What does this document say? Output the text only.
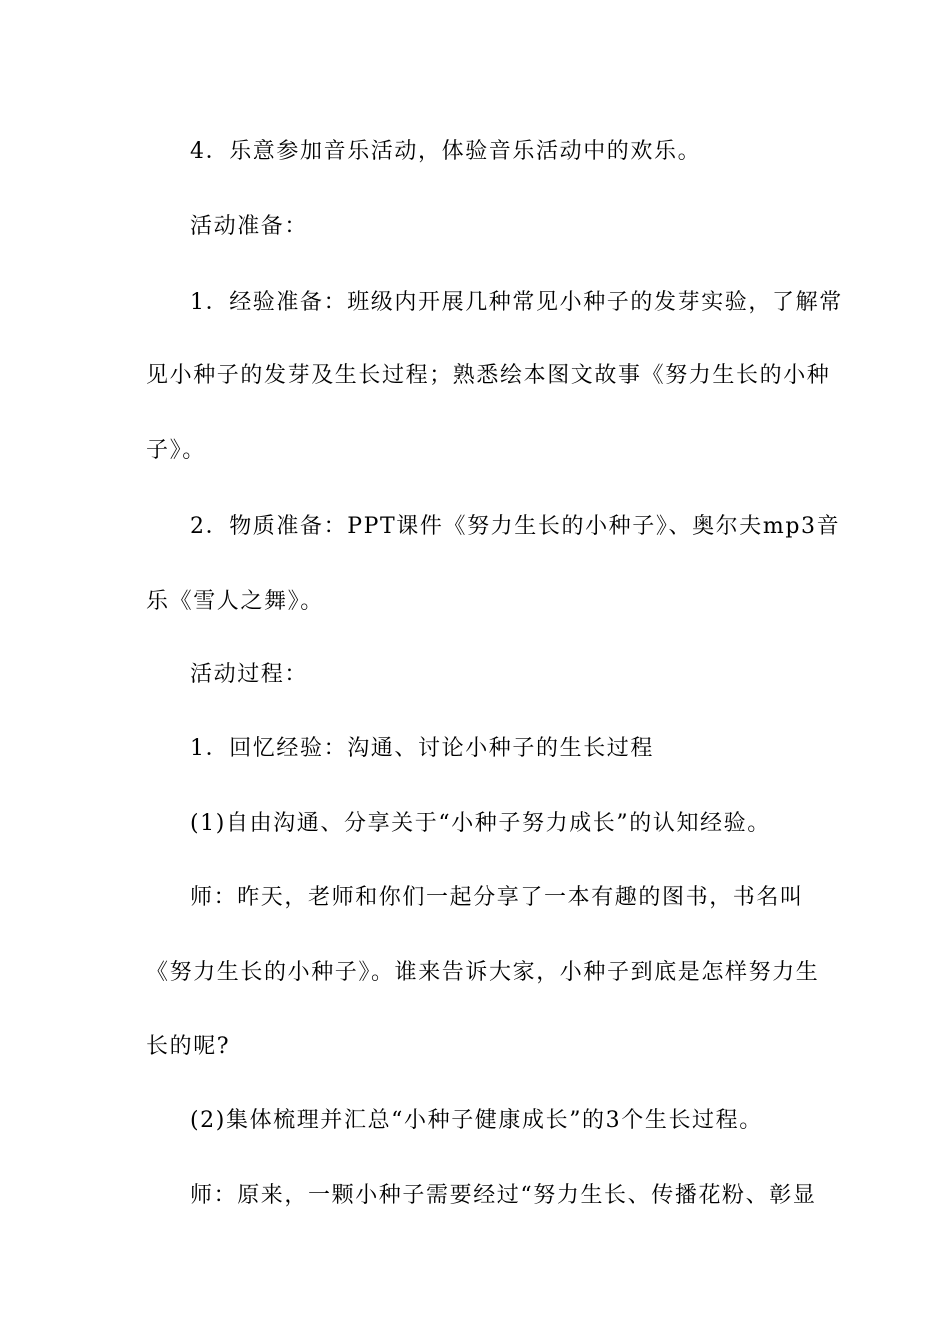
4．乐意参加音乐活动，体验音乐活动中的欢乐。
活动准备：
1．经验准备：班级内开展几种常见小种子的发芽实验，了解常
见小种子的发芽及生长过程；熟悉绘本图文故事《努力生长的小种
子》。
2．物质准备：PPT课件《努力生长的小种子》、奥尔夫mp3音
乐《雪人之舞》。
活动过程：
1．回忆经验：沟通、讨论小种子的生长过程
(1)自由沟通、分享关于“小种子努力成长”的认知经验。
师：昨天，老师和你们一起分享了一本有趣的图书，书名叫
《努力生长的小种子》。谁来告诉大家，小种子到底是怎样努力生
长的呢?
(2)集体梳理并汇总“小种子健康成长”的3个生长过程。
师：原来，一颗小种子需要经过“努力生长、传播花粉、彰显
